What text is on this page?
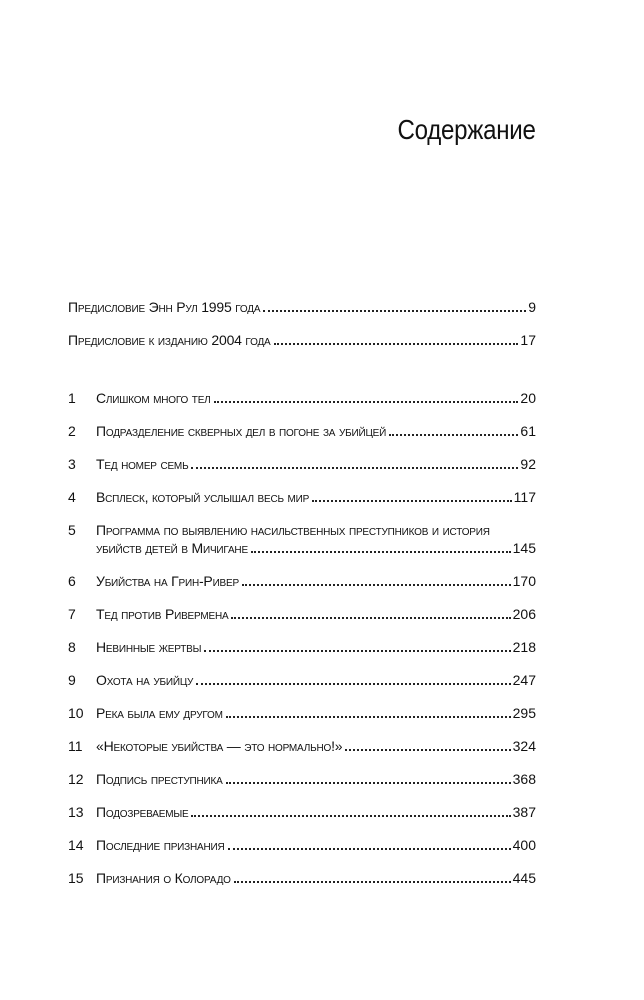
Содержание
Предисловие Энн Рул 1995 года	9
Предисловие к изданию 2004 года	17
1	Слишком много тел	20
2	Подразделение скверных дел в погоне за убийцей	61
3	Тед номер семь	92
4	Всплеск, который услышал весь мир	117
5	Программа по выявлению насильственных преступников и история
убийств детей в Мичигане	145
6	Убийства на Грин-Ривер	170
7	Тед против Ривермена	206
8	Невинные жертвы	218
9	Охота на убийцу	247
10 Река была ему другом	295
11 «Некоторые убийства — это нормально!»	324
12 Подпись преступника	368
13 Подозреваемые	387
14 Последние признания	400
15 Признания о Колорадо	445
